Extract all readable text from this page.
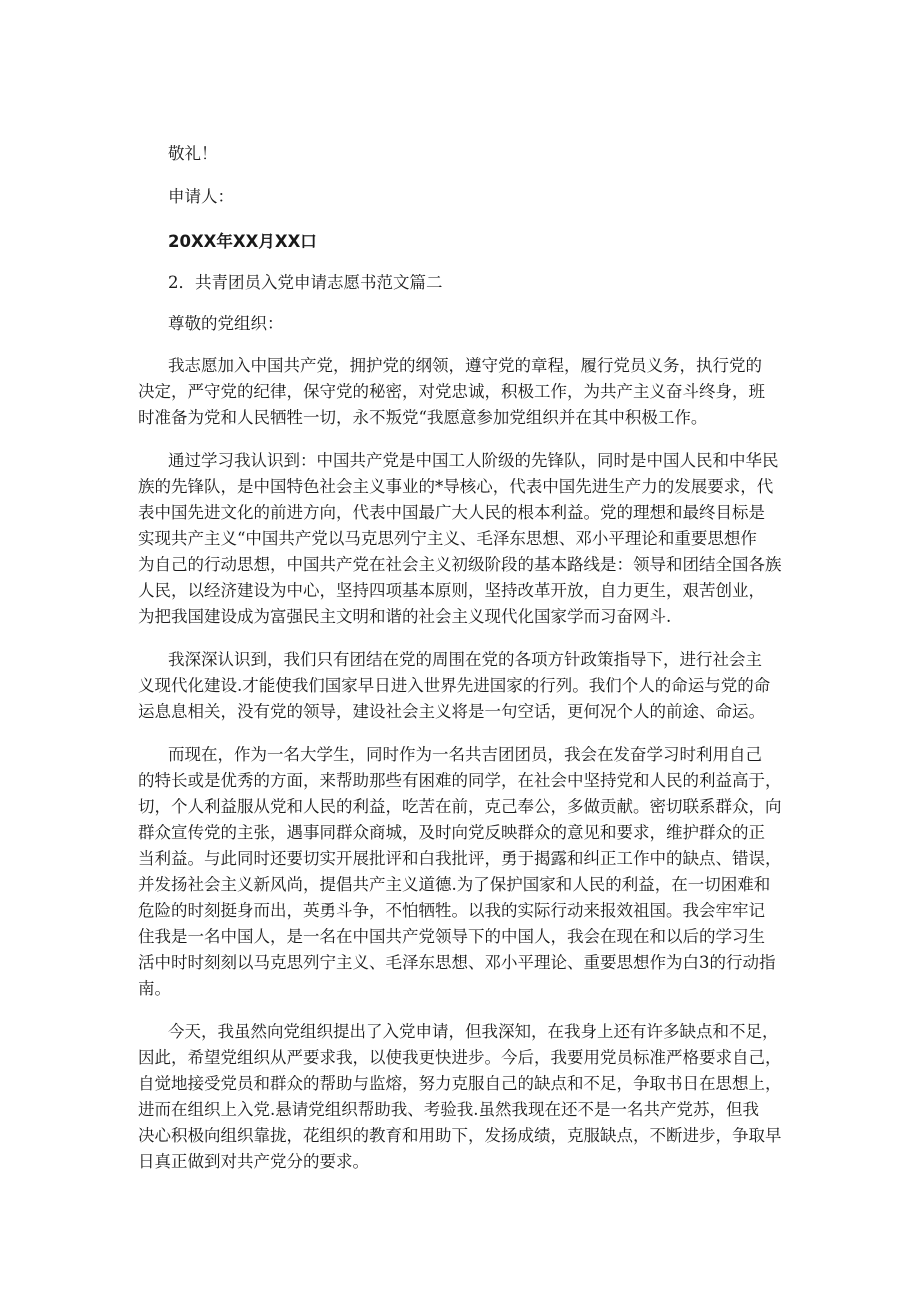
敬礼！

申请人：

20XX年XX月XX口

2．共青团员入党申请志愿书范文篇二

尊敬的党组织：

我志愿加入中国共产党，拥护党的纲领，遵守党的章程，履行党员义务，执行党的
决定，严守党的纪律，保守党的秘密，对党忠诚，积极工作，为共产主义奋斗终身，班
时准备为党和人民牺牲一切，永不叛党“我愿意参加党组织并在其中积极工作。
通过学习我认识到：中国共产党是中国工人阶级的先锋队，同时是中国人民和中华民
族的先锋队，是中国特色社会主义事业的*导核心，代表中国先进生产力的发展要求，代
表中国先进文化的前进方向，代表中国最广大人民的根本利益。党的理想和最终目标是
实现共产主义“中国共产党以马克思列宁主义、毛泽东思想、邓小平理论和重要思想作
为自己的行动思想，中国共产党在社会主义初级阶段的基本路线是：领导和团结全国各族
人民，以经济建设为中心，坚持四项基本原则，坚持改革开放，自力更生，艰苦创业，
为把我国建设成为富强民主文明和谐的社会主义现代化国家学而习奋网斗.
我深深认识到，我们只有团结在党的周围在党的各项方针政策指导下，进行社会主
义现代化建设.才能使我们国家早日进入世界先进国家的行列。我们个人的命运与党的命
运息息相关，没有党的领导，建设社会主义将是一句空话，更何况个人的前途、命运。
而现在，作为一名大学生，同时作为一名共吉团团员，我会在发奋学习时利用自己
的特长或是优秀的方面，来帮助那些有困难的同学，在社会中坚持党和人民的利益高于，
切，个人利益服从党和人民的利益，吃苦在前，克己奉公，多做贡献。密切联系群众，向
群众宣传党的主张，遇事同群众商城，及时向党反映群众的意见和要求，维护群众的正
当利益。与此同时还要切实开展批评和白我批评，勇于揭露和纠正工作中的缺点、错误，
并发扬社会主义新风尚，提倡共产主义道德.为了保护国家和人民的利益，在一切困难和
危险的时刻挺身而出，英勇斗争，不怕牺牲。以我的实际行动来报效祖国。我会牢牢记
住我是一名中国人，是一名在中国共产党领导下的中国人，我会在现在和以后的学习生
活中时时刻刻以马克思列宁主义、毛泽东思想、邓小平理论、重要思想作为白3的行动指
南。
今天，我虽然向党组织提出了入党申请，但我深知，在我身上还有许多缺点和不足，
因此，希望党组织从严要求我，以使我更快进步。今后，我要用党员标准严格要求自己，
自觉地接受党员和群众的帮助与监熔，努力克服自己的缺点和不足，争取书日在思想上，
进而在组织上入党.悬请党组织帮助我、考验我.虽然我现在还不是一名共产党苏，但我
决心积极向组织靠拢，花组织的教育和用助下，发扬成绩，克服缺点，不断进步，争取早
日真正做到对共产党分的要求。
